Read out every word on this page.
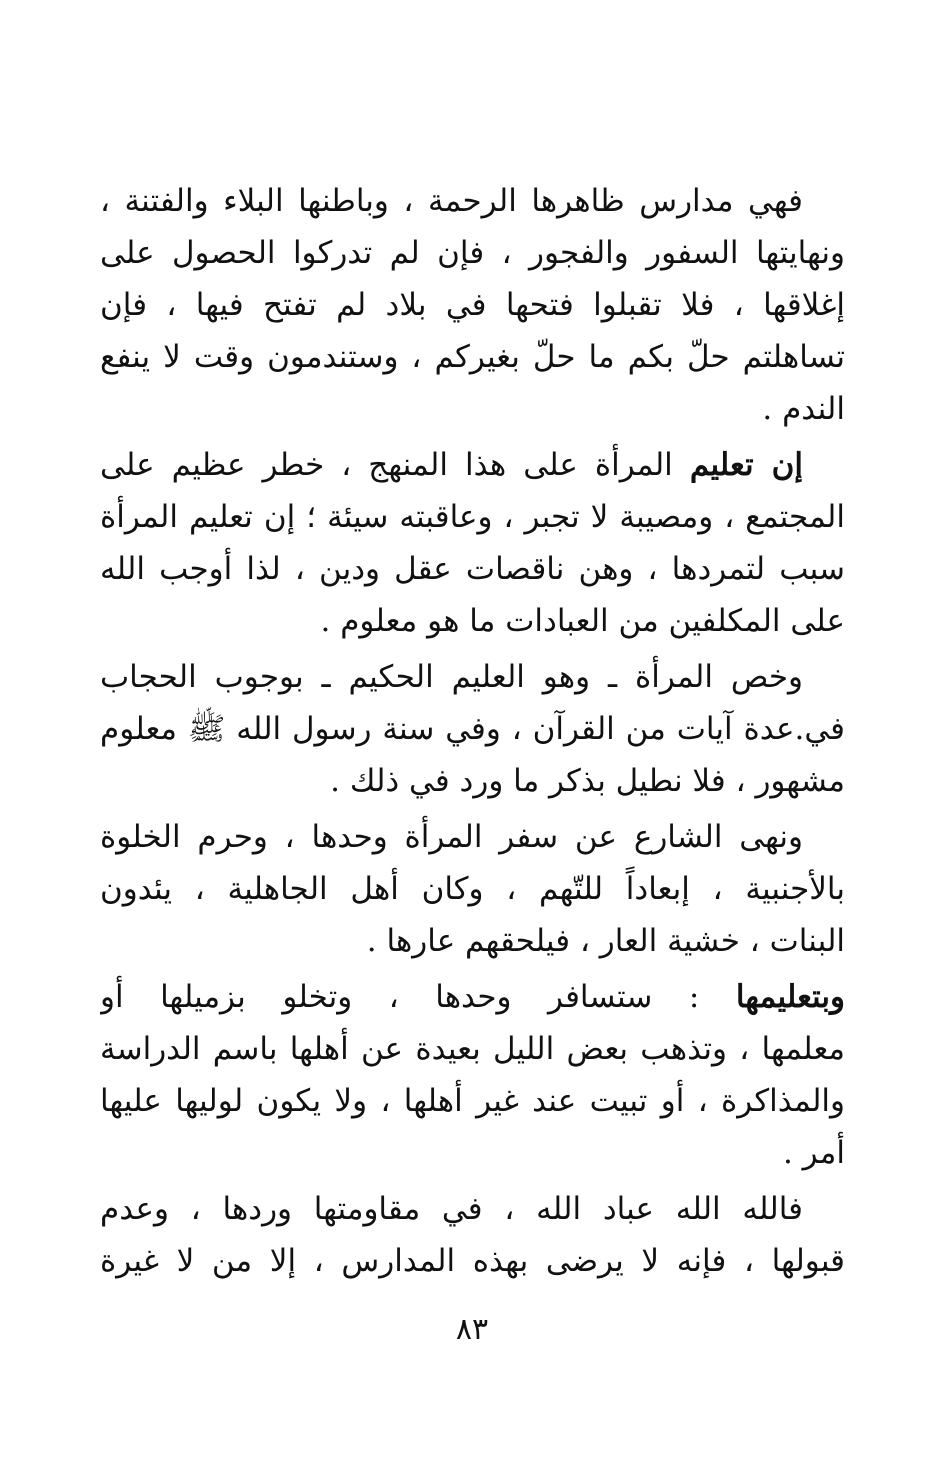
فهي مدارس ظاهرها الرحمة ، وباطنها البلاء والفتنة ،
ونهايتها السفور والفجور ، فإن لم تدركوا الحصول على
إغلاقها ، فلا تقبلوا فتحها في بلاد لم تفتح فيها ، فإن
تساهلتم حلّ بكم ما حلّ بغيركم ، وستندمون وقت لا ينفع
الندم .
إن تعليم المرأة على هذا المنهج ، خطر عظيم على
المجتمع ، ومصيبة لا تجبر ، وعاقبته سيئة ؛ إن تعليم المرأة
سبب لتمردها ، وهن ناقصات عقل ودين ، لذا أوجب الله
على المكلفين من العبادات ما هو معلوم .
وخص المرأة ـ وهو العليم الحكيم ـ بوجوب الحجاب
في.عدة آيات من القرآن ، وفي سنة رسول الله ﷺ معلوم
مشهور ، فلا نطيل بذكر ما ورد في ذلك .
ونهى الشارع عن سفر المرأة وحدها ، وحرم الخلوة
بالأجنبية ، إبعاداً للتّهم ، وكان أهل الجاهلية ، يئدون
البنات ، خشية العار ، فيلحقهم عارها .
وبتعليمها : ستسافر وحدها ، وتخلو بزميلها أو
معلمها ، وتذهب بعض الليل بعيدة عن أهلها باسم الدراسة
والمذاكرة ، أو تبيت عند غير أهلها ، ولا يكون لوليها عليها
أمر .
فالله الله عباد الله ، في مقاومتها وردها ، وعدم
قبولها ، فإنه لا يرضى بهذه المدارس ، إلا من لا غيرة
٨٣
